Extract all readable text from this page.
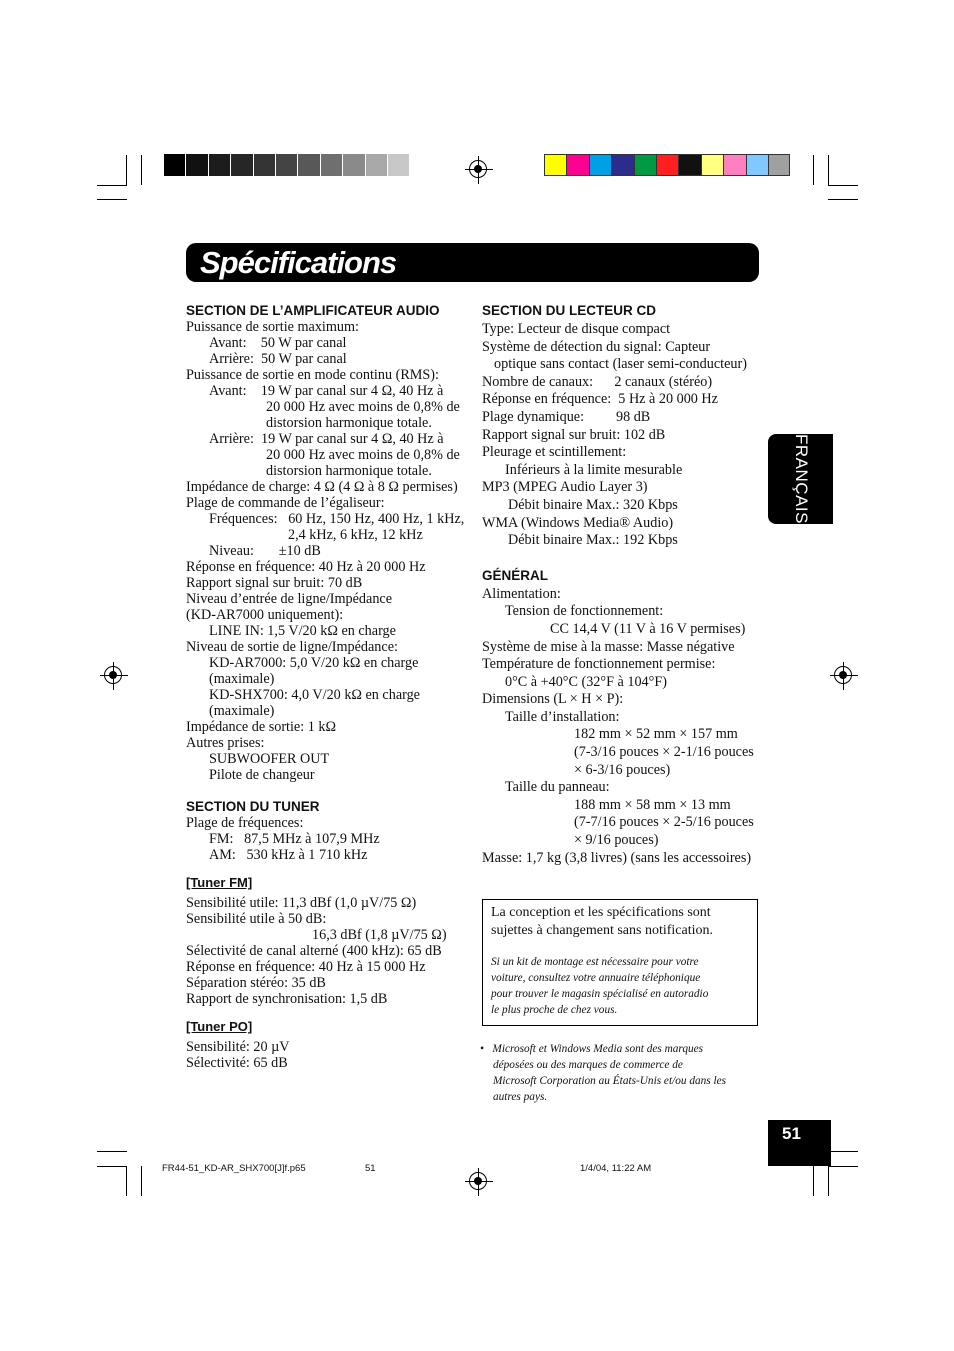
Spécifications
FRANÇAIS
SECTION DE L’AMPLIFICATEUR AUDIO
Puissance de sortie maximum:
Avant:    50 W par canal
Arrière:  50 W par canal
Puissance de sortie en mode continu (RMS):
Avant:    19 W par canal sur 4 Ω, 40 Hz à
20 000 Hz avec moins de 0,8% de
distorsion harmonique totale.
Arrière:  19 W par canal sur 4 Ω, 40 Hz à
20 000 Hz avec moins de 0,8% de
distorsion harmonique totale.
Impédance de charge: 4 Ω (4 Ω à 8 Ω permises)
Plage de commande de l’égaliseur:
Fréquences:   60 Hz, 150 Hz, 400 Hz, 1 kHz,
2,4 kHz, 6 kHz, 12 kHz
Niveau:       ±10 dB
Réponse en fréquence: 40 Hz à 20 000 Hz
Rapport signal sur bruit: 70 dB
Niveau d’entrée de ligne/Impédance
(KD-AR7000 uniquement):
LINE IN: 1,5 V/20 kΩ en charge
Niveau de sortie de ligne/Impédance:
KD-AR7000: 5,0 V/20 kΩ en charge
(maximale)
KD-SHX700: 4,0 V/20 kΩ en charge
(maximale)
Impédance de sortie: 1 kΩ
Autres prises:
SUBWOOFER OUT
Pilote de changeur
SECTION DU TUNER
Plage de fréquences:
FM:   87,5 MHz à 107,9 MHz
AM:   530 kHz à 1 710 kHz
[Tuner FM]
Sensibilité utile: 11,3 dBf (1,0 µV/75 Ω)
Sensibilité utile à 50 dB:
16,3 dBf (1,8 µV/75 Ω)
Sélectivité de canal alterné (400 kHz): 65 dB
Réponse en fréquence: 40 Hz à 15 000 Hz
Séparation stéréo: 35 dB
Rapport de synchronisation: 1,5 dB
[Tuner PO]
Sensibilité: 20 µV
Sélectivité: 65 dB
SECTION DU LECTEUR CD
Type: Lecteur de disque compact
Système de détection du signal: Capteur
optique sans contact (laser semi-conducteur)
Nombre de canaux:      2 canaux (stéréo)
Réponse en fréquence:  5 Hz à 20 000 Hz
Plage dynamique:         98 dB
Rapport signal sur bruit: 102 dB
Pleurage et scintillement:
Inférieurs à la limite mesurable
MP3 (MPEG Audio Layer 3)
Débit binaire Max.: 320 Kbps
WMA (Windows Media® Audio)
Débit binaire Max.: 192 Kbps
GÉNÉRAL
Alimentation:
Tension de fonctionnement:
CC 14,4 V (11 V à 16 V permises)
Système de mise à la masse: Masse négative
Température de fonctionnement permise:
0°C à +40°C (32°F à 104°F)
Dimensions (L × H × P):
Taille d’installation:
182 mm × 52 mm × 157 mm
(7-3/16 pouces × 2-1/16 pouces
× 6-3/16 pouces)
Taille du panneau:
188 mm × 58 mm × 13 mm
(7-7/16 pouces × 2-5/16 pouces
× 9/16 pouces)
Masse: 1,7 kg (3,8 livres) (sans les accessoires)
La conception et les spécifications sont
sujettes à changement sans notification.
Si un kit de montage est nécessaire pour votre
voiture, consultez votre annuaire téléphonique
pour trouver le magasin spécialisé en autoradio
le plus proche de chez vous.
•   Microsoft et Windows Media sont des marques
déposées ou des marques de commerce de
Microsoft Corporation au États-Unis et/ou dans les
autres pays.
51
FR44-51_KD-AR_SHX700[J]f.p65	51	1/4/04, 11:22 AM
